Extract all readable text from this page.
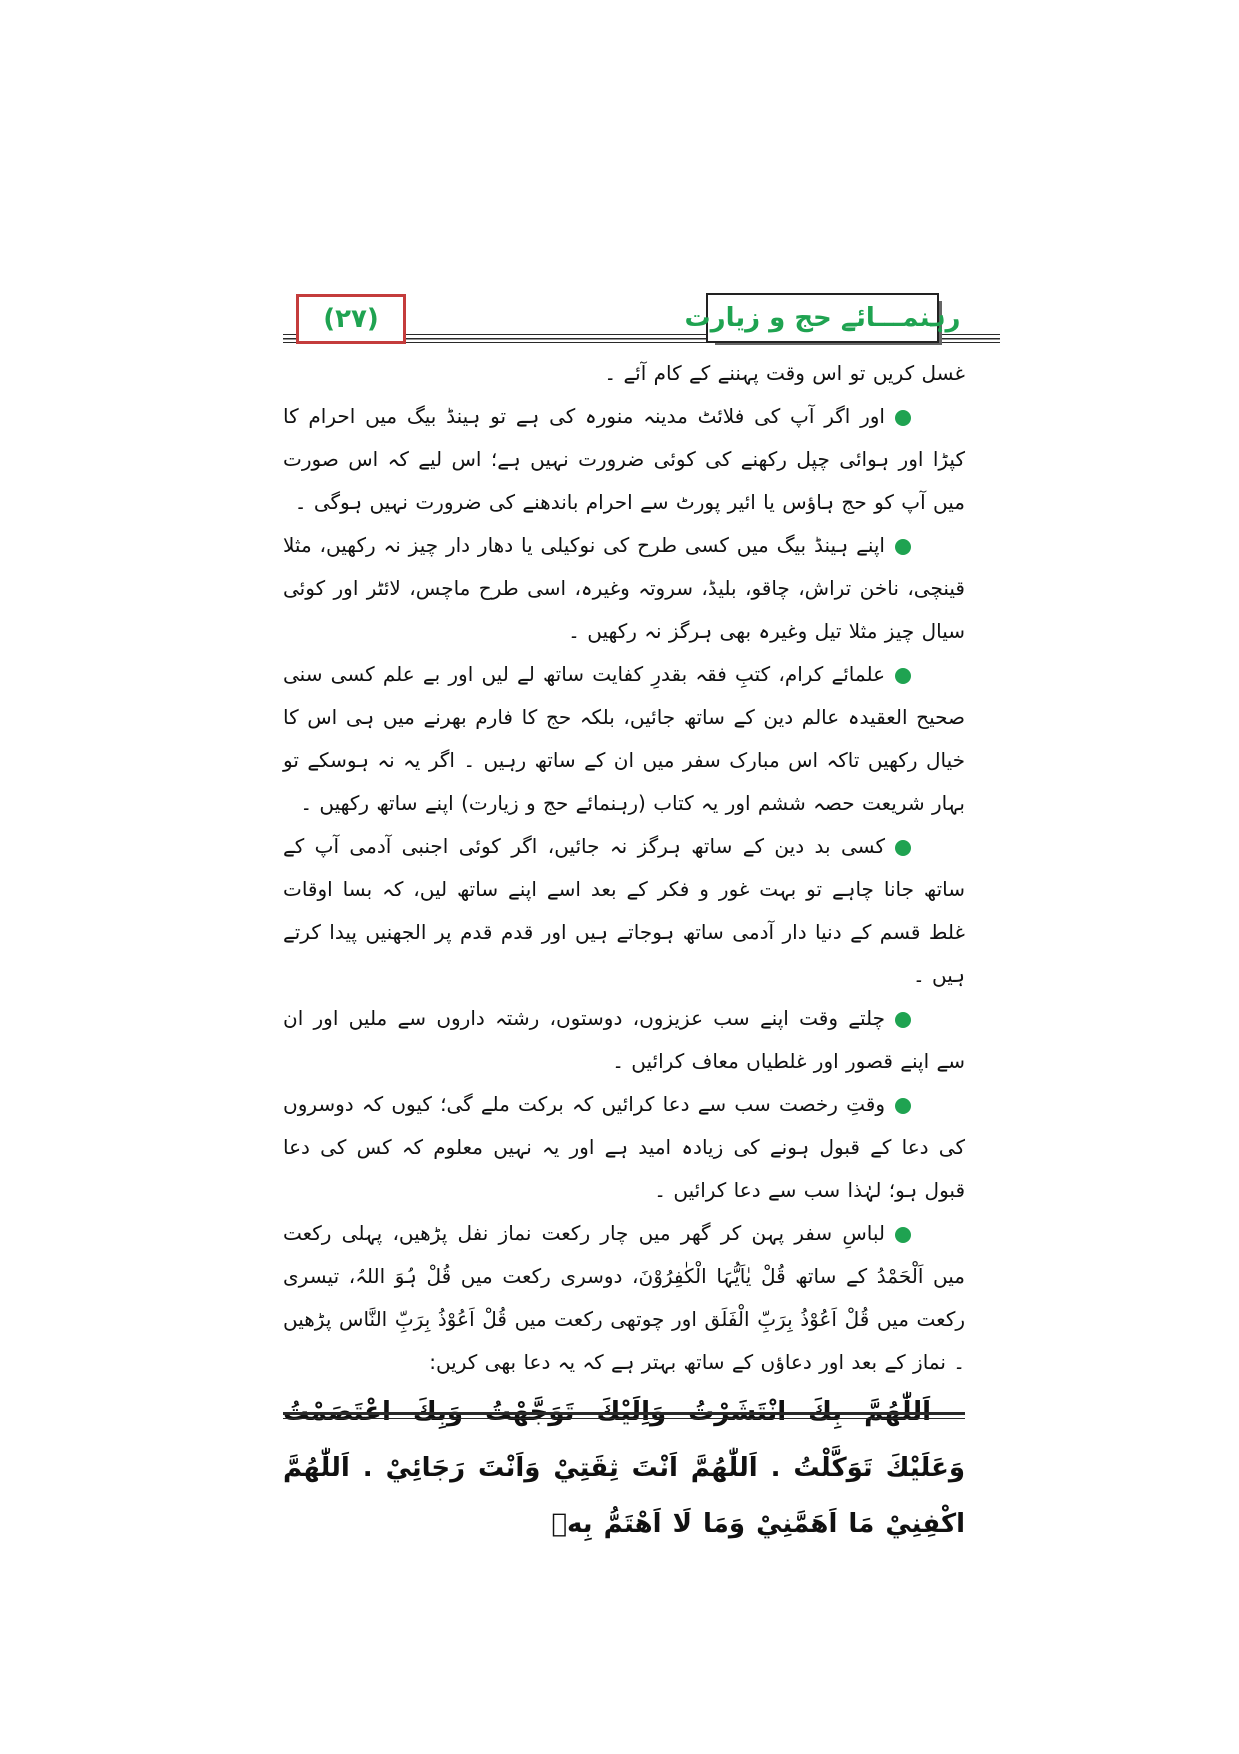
(۲۷)	رہنمـــائے حج و زیارت

غسل کریں تو اس وقت پہننے کے کام آئے ۔

اور اگر آپ کی فلائٹ مدینہ منورہ کی ہے تو ہینڈ بیگ میں احرام کا کپڑا اور ہوائی چپل رکھنے کی کوئی ضرورت نہیں ہے؛ اس لیے کہ اس صورت میں آپ کو حج ہاؤس یا ائیر پورٹ سے احرام باندھنے کی ضرورت نہیں ہوگی ۔

اپنے ہینڈ بیگ میں کسی طرح کی نوکیلی یا دھار دار چیز نہ رکھیں، مثلا قینچی، ناخن تراش، چاقو، بلیڈ، سروتہ وغیرہ، اسی طرح ماچس، لائٹر اور کوئی سیال چیز مثلا تیل وغیرہ بھی ہرگز نہ رکھیں ۔

علمائے کرام، کتبِ فقہ بقدرِ کفایت ساتھ لے لیں اور بے علم کسی سنی صحیح العقیدہ عالم دین کے ساتھ جائیں، بلکہ حج کا فارم بھرنے میں ہی اس کا خیال رکھیں تاکہ اس مبارک سفر میں ان کے ساتھ رہیں ۔ اگر یہ نہ ہوسکے تو بہار شریعت حصہ ششم اور یہ کتاب (رہنمائے حج و زیارت) اپنے ساتھ رکھیں ۔

کسی بد دین کے ساتھ ہرگز نہ جائیں، اگر کوئی اجنبی آدمی آپ کے ساتھ جانا چاہے تو بہت غور و فکر کے بعد اسے اپنے ساتھ لیں، کہ بسا اوقات غلط قسم کے دنیا دار آدمی ساتھ ہوجاتے ہیں اور قدم قدم پر الجھنیں پیدا کرتے ہیں ۔

چلتے وقت اپنے سب عزیزوں، دوستوں، رشتہ داروں سے ملیں اور ان سے اپنے قصور اور غلطیاں معاف کرائیں ۔

وقتِ رخصت سب سے دعا کرائیں کہ برکت ملے گی؛ کیوں کہ دوسروں کی دعا کے قبول ہونے کی زیادہ امید ہے اور یہ نہیں معلوم کہ کس کی دعا قبول ہو؛ لہٰذا سب سے دعا کرائیں ۔

لباسِ سفر پہن کر گھر میں چار رکعت نماز نفل پڑھیں، پہلی رکعت میں اَلْحَمْدُ کے ساتھ قُلْ یٰاَیُّہَا الْکٰفِرُوْنَ، دوسری رکعت میں قُلْ ہُوَ اللہُ، تیسری رکعت میں قُلْ اَعُوْذُ بِرَبِّ الْفَلَق اور چوتھی رکعت میں قُلْ اَعُوْذُ بِرَبِّ النَّاس پڑھیں ۔ نماز کے بعد اور دعاؤں کے ساتھ بہتر ہے کہ یہ دعا بھی کریں:

اَللّٰهُمَّ بِكَ انْتَشَرْتُ وَاِلَيْكَ تَوَجَّهْتُ وَبِكَ اعْتَصَمْتُ وَعَلَيْكَ تَوَكَّلْتُ . اَللّٰهُمَّ اَنْتَ ثِقَتِيْ وَاَنْتَ رَجَائِيْ . اَللّٰهُمَّ اكْفِنِيْ مَا اَهَمَّنِيْ وَمَا لَا اَهْتَمُّ بِهٖ
